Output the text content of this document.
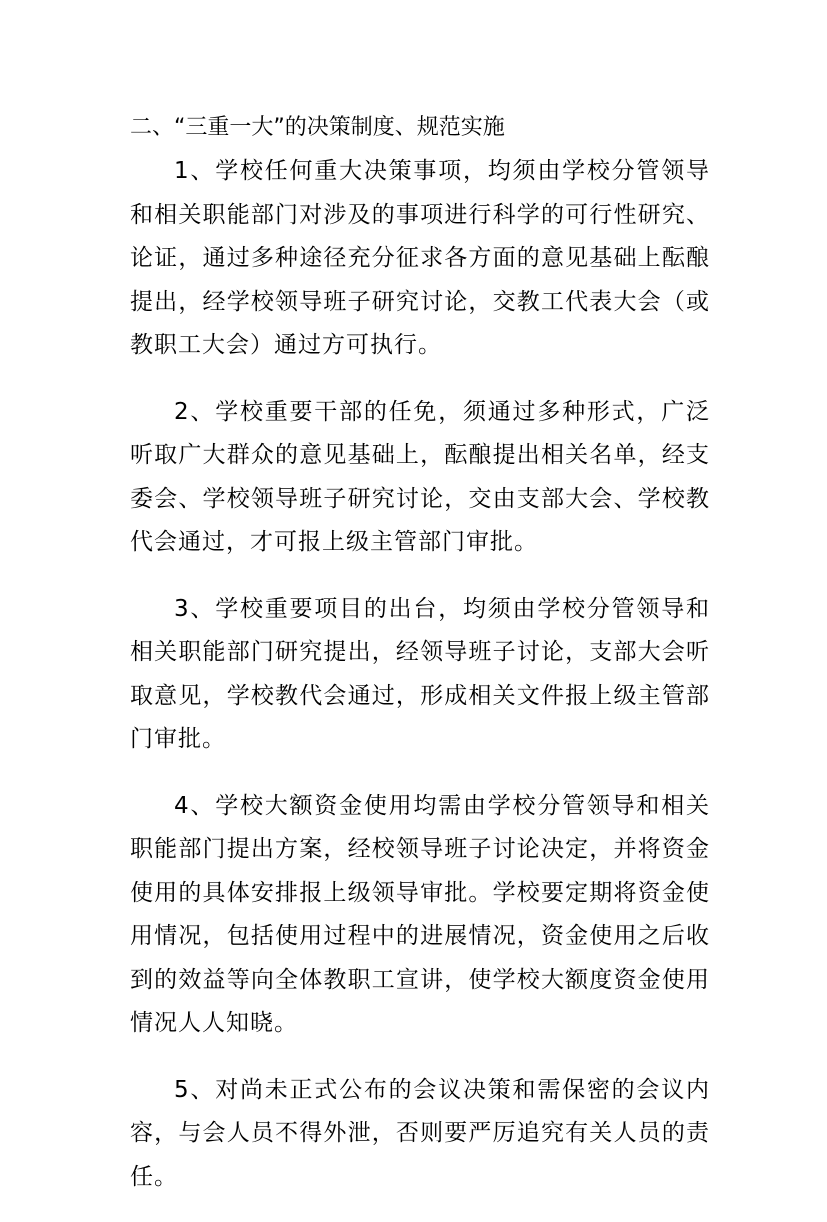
二、“三重一大”的决策制度、规范实施

1、学校任何重大决策事项，均须由学校分管领导和相关职能部门对涉及的事项进行科学的可行性研究、论证，通过多种途径充分征求各方面的意见基础上酝酿提出，经学校领导班子研究讨论，交教工代表大会（或教职工大会）通过方可执行。

2、学校重要干部的任免，须通过多种形式，广泛听取广大群众的意见基础上，酝酿提出相关名单，经支委会、学校领导班子研究讨论，交由支部大会、学校教代会通过，才可报上级主管部门审批。

3、学校重要项目的出台，均须由学校分管领导和相关职能部门研究提出，经领导班子讨论，支部大会听取意见，学校教代会通过，形成相关文件报上级主管部门审批。

4、学校大额资金使用均需由学校分管领导和相关职能部门提出方案，经校领导班子讨论决定，并将资金使用的具体安排报上级领导审批。学校要定期将资金使用情况，包括使用过程中的进展情况，资金使用之后收到的效益等向全体教职工宣讲，使学校大额度资金使用情况人人知晓。

5、对尚未正式公布的会议决策和需保密的会议内容，与会人员不得外泄，否则要严厉追究有关人员的责任。
